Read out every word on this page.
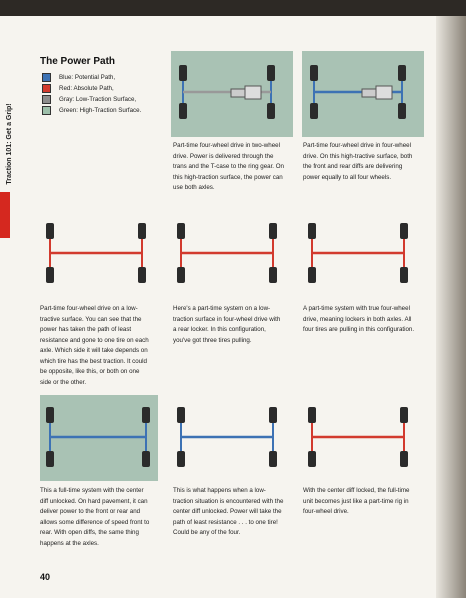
Traction 101: Get a Grip!
The Power Path
Blue: Potential Path,
Red: Absolute Path,
Gray: Low-Traction Surface,
Green: High-Traction Surface.
Part-time four-wheel drive in two-wheel drive. Power is delivered through the trans and the T-case to the ring gear. On this high-traction surface, the power can use both axles.
Part-time four-wheel drive in four-wheel drive. On this high-tractive surface, both the front and rear diffs are delivering power equally to all four wheels.
Part-time four-wheel drive on a low-tractive surface. You can see that the power has taken the path of least resistance and gone to one tire on each axle. Which side it will take depends on which tire has the best traction. It could be opposite, like this, or both on one side or the other.
Here's a part-time system on a low-traction surface in four-wheel drive with a rear locker. In this configuration, you've got three tires pulling.
A part-time system with true four-wheel drive, meaning lockers in both axles. All four tires are pulling in this configuration.
This a full-time system with the center diff unlocked. On hard pavement, it can deliver power to the front or rear and allows some difference of speed front to rear. With open diffs, the same thing happens at the axles.
This is what happens when a low-traction situation is encountered with the center diff unlocked. Power will take the path of least resistance . . . to one tire! Could be any of the four.
With the center diff locked, the full-time unit becomes just like a part-time rig in four-wheel drive.
40
